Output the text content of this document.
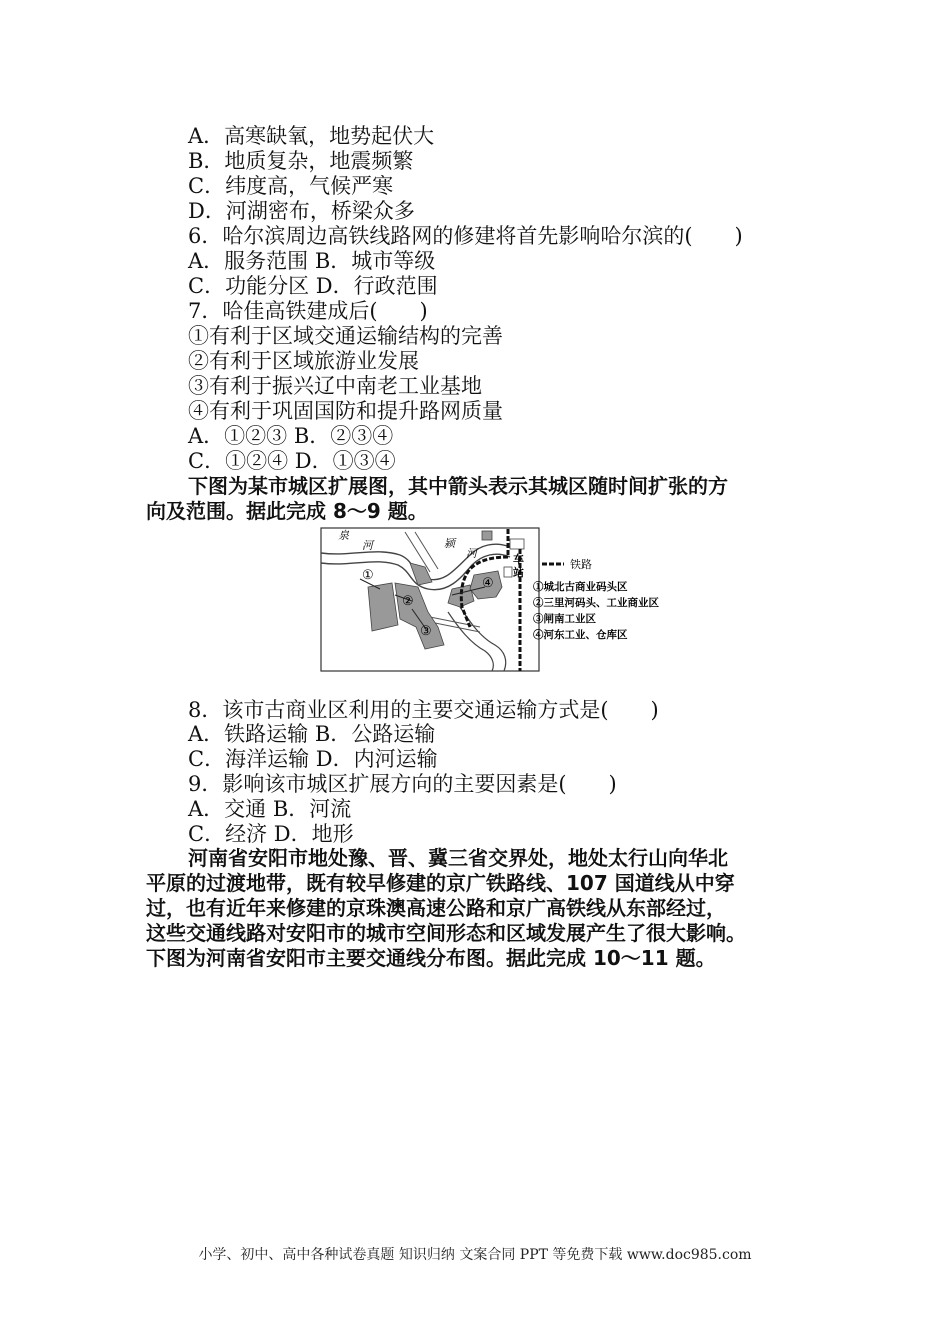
A．高寒缺氧，地势起伏大
B．地质复杂，地震频繁
C．纬度高，气候严寒
D．河湖密布，桥梁众多
6．哈尔滨周边高铁线路网的修建将首先影响哈尔滨的(　　)
A．服务范围 B．城市等级
C．功能分区 D．行政范围
7．哈佳高铁建成后(　　)
①有利于区域交通运输结构的完善
②有利于区域旅游业发展
③有利于振兴辽中南老工业基地
④有利于巩固国防和提升路网质量
A．①②③ B．②③④
C．①②④ D．①③④
下图为某市城区扩展图，其中箭头表示其城区随时间扩张的方
向及范围。据此完成 8～9 题。
泉
河	颍
河	车
站
①
②
③
④
铁路
①城北古商业码头区
②三里河码头、工业商业区
③闸南工业区
④河东工业、仓库区
8．该市古商业区利用的主要交通运输方式是(　　)
A．铁路运输 B．公路运输
C．海洋运输 D．内河运输
9．影响该市城区扩展方向的主要因素是(　　)
A．交通 B．河流
C．经济 D．地形
河南省安阳市地处豫、晋、冀三省交界处，地处太行山向华北
平原的过渡地带，既有较早修建的京广铁路线、107 国道线从中穿
过，也有近年来修建的京珠澳高速公路和京广高铁线从东部经过，
这些交通线路对安阳市的城市空间形态和区域发展产生了很大影响。
下图为河南省安阳市主要交通线分布图。据此完成 10～11 题。
小学、初中、高中各种试卷真题 知识归纳 文案合同 PPT 等免费下载 www.doc985.com
